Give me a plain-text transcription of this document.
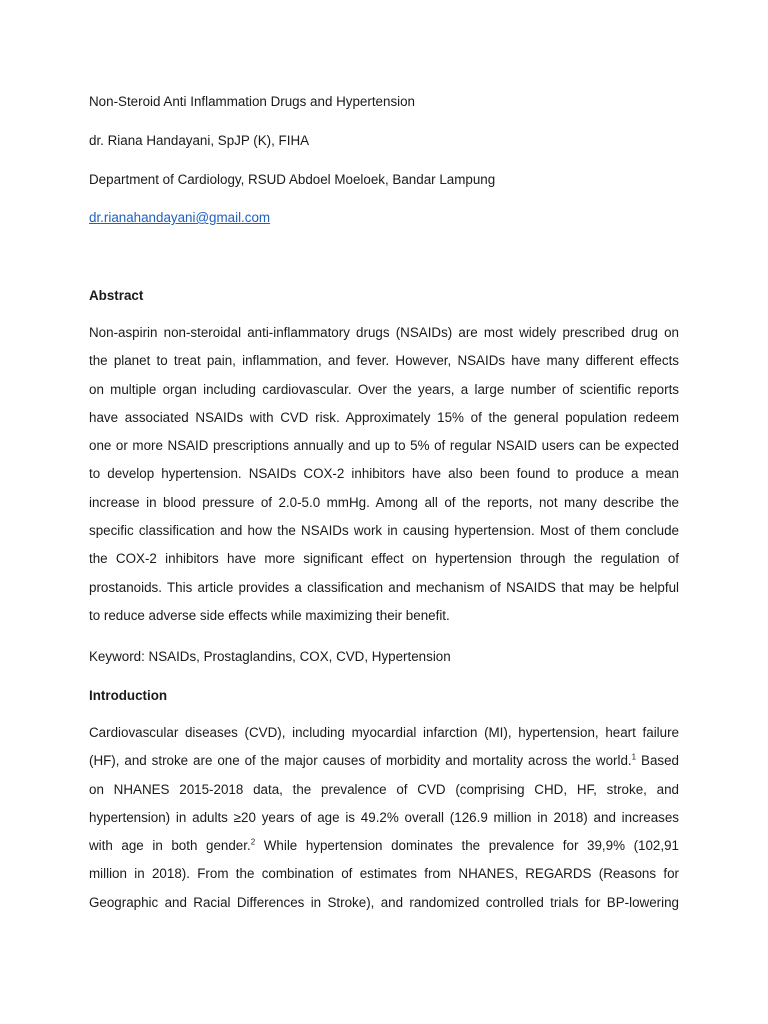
Non-Steroid Anti Inflammation Drugs and Hypertension

dr. Riana Handayani, SpJP (K), FIHA

Department of Cardiology, RSUD Abdoel Moeloek, Bandar Lampung

dr.rianahandayani@gmail.com

Abstract

Non-aspirin non-steroidal anti-inflammatory drugs (NSAIDs) are most widely prescribed drug on
the planet to treat pain, inflammation, and fever. However, NSAIDs have many different effects
on multiple organ including cardiovascular. Over the years, a large number of scientific reports
have associated NSAIDs with CVD risk. Approximately 15% of the general population redeem
one or more NSAID prescriptions annually and up to 5% of regular NSAID users can be expected
to develop hypertension. NSAIDs COX-2 inhibitors have also been found to produce a mean
increase in blood pressure of 2.0-5.0 mmHg. Among all of the reports, not many describe the
specific classification and how the NSAIDs work in causing hypertension. Most of them conclude
the COX-2 inhibitors have more significant effect on hypertension through the regulation of
prostanoids. This article provides a classification and mechanism of NSAIDS that may be helpful
to reduce adverse side effects while maximizing their benefit.

Keyword: NSAIDs, Prostaglandins, COX, CVD, Hypertension

Introduction

Cardiovascular diseases (CVD), including myocardial infarction (MI), hypertension, heart failure
(HF), and stroke are one of the major causes of morbidity and mortality across the world.$^1$ Based
on NHANES 2015-2018 data, the prevalence of CVD (comprising CHD, HF, stroke, and
hypertension) in adults ≥20 years of age is 49.2% overall (126.9 million in 2018) and increases
with age in both gender.$^2$ While hypertension dominates the prevalence for 39,9% (102,91
million in 2018). From the combination of estimates from NHANES, REGARDS (Reasons for
Geographic and Racial Differences in Stroke), and randomized controlled trials for BP-lowering
